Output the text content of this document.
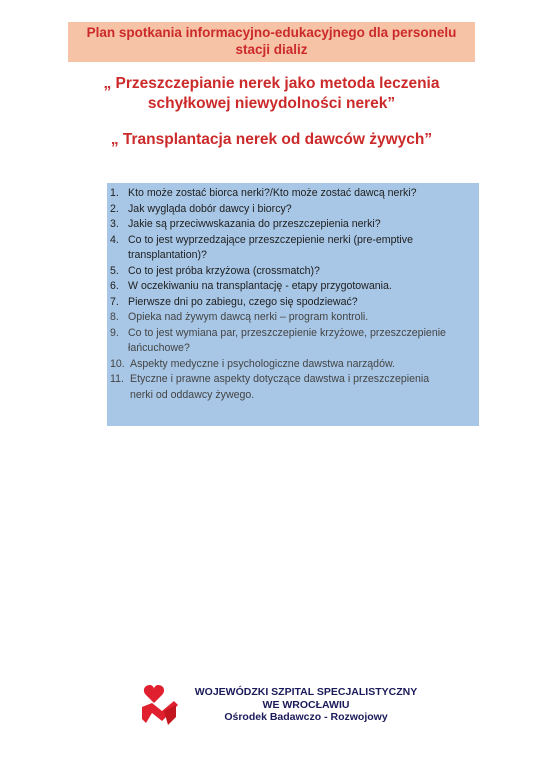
Plan spotkania informacyjno-edukacyjnego dla personelu
stacji dializ
„ Przeszczepianie nerek jako metoda leczenia
schyłkowej niewydolności nerek”
„ Transplantacja nerek od dawców żywych”
1. Kto może zostać biorca nerki?/Kto może zostać dawcą nerki?
2. Jak wygląda dobór dawcy i biorcy?
3. Jakie są przeciwwskazania do przeszczepienia nerki?
4. Co to jest wyprzedzające przeszczepienie nerki (pre-emptive
transplantation)?
5. Co to jest próba krzyżowa (crossmatch)?
6. W oczekiwaniu na transplantację - etapy przygotowania.
7. Pierwsze dni po zabiegu, czego się spodziewać?
8. Opieka nad żywym dawcą nerki – program kontroli.
9. Co to jest wymiana par, przeszczepienie krzyżowe, przeszczepienie
łańcuchowe?
10. Aspekty medyczne i psychologiczne dawstwa narządów.
11. Etyczne i prawne aspekty dotyczące dawstwa i przeszczepienia
nerki od oddawcy żywego.
WOJEWÓDZKI SZPITAL SPECJALISTYCZNY
WE WROCŁAWIU
Ośrodek Badawczo - Rozwojowy
